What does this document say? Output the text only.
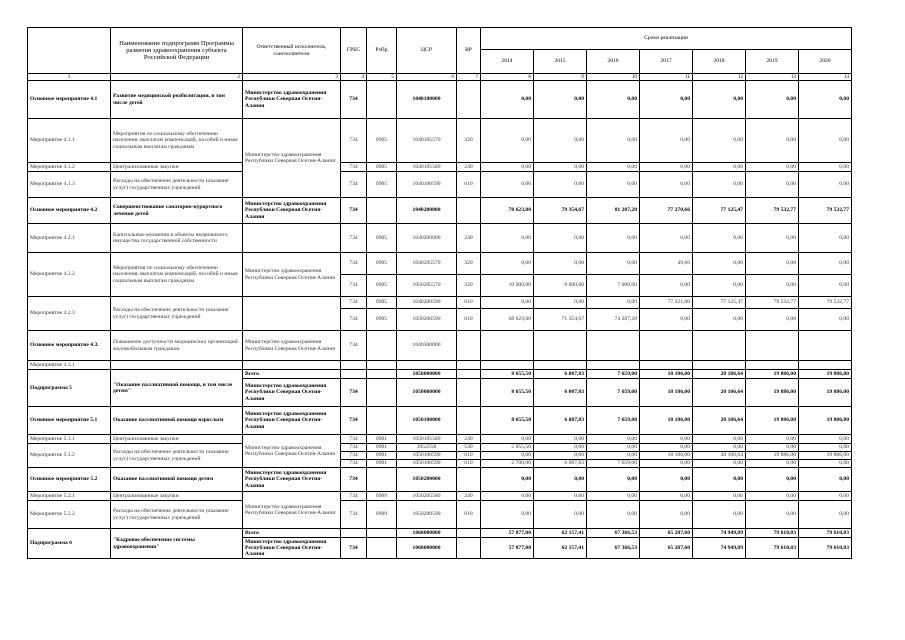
	Наименование подпрограмм Программы развития здравоохранения субъекта Российской Федерации	Ответственный исполнитель, соисполнители	ГРБС	РзПр	ЦСР	ВР	Сроки реализации						
							2014	2015	2016	2017	2018	2019	2020
1	2	3	4	5	6	7	8	9	10	11	12	13	14
Основное мероприятие 4.1	Развитие медицинской реабилитации, в том числе детей	Министерство здравоохранения Республики Северная Осетия-Алания	734		1040100000		0,00	0,00	0,00	0,00	0,00	0,00	0,00
Мероприятие 4.1.1	Мероприятия по социальному обеспечению населения, выплатам компенсаций, пособий и иным социальным выплатам гражданам	Министерство здравоохранения Республики Северная Осетия-Алания	734	0905	1040105570	320	0,00	0,00	0,00	0,00	0,00	0,00	0,00
Мероприятие 4.1.2	Централизованные закупки		734	0905	1040105580	240	0,00	0,00	0,00	0,00	0,00	0,00	0,00
Мероприятие 4.1.3	Расходы на обеспечение деятельности (оказание услуг) государственных учреждений		734	0905	1040100590	610	0,00	0,00	0,00	0,00	0,00	0,00	0,00
Основное мероприятие 4.2	Совершенствование санаторно-курортного лечения детей	Министерство здравоохранения Республики Северная Осетия-Алания	734		1040200000		78 623,00	79 354,67	81 287,28	77 270,66	77 125,47	79 532,77	79 532,77
Мероприятие 4.2.1	Капитальные вложения в объекты недвижимого имущества государственной собственности		734	0905	1040200000	240	0,00	0,00	0,00	0,00	0,00	0,00	0,00
Мероприятие 4.2.2	Мероприятия по социальному обеспечению населения, выплатам компенсаций, пособий и иным социальным выплатам гражданам	Министерство здравоохранения Республики Северная Осетия-Алания	734	0905	1040205570	320	0,00	0,00	0,00	49,66	0,00	0,00	0,00
			734	0905	1050205570	320	10 000,00	8 000,00	7 000,00	0,00	0,00	0,00	0,00
Мероприятие 4.2.3	Расходы на обеспечение деятельности (оказание услуг) государственных учреждений		734	0905	1040200590	610	0,00	0,00	0,00	77 221,00	77 125,47	79 532,77	79 532,77
			734	0905	1050200590	610	68 623,00	71 354,67	74 287,28	0,00	0,00	0,00	0,00
Основное мероприятие 4.3.	Повышение доступности медицинских организаций маломобильным гражданам	Министерство здравоохранения Республики Северная Осетия-Алания	734		1040300000								
Мероприятие 4.3.1													
Подпрограмма 5	"Оказание паллиативной помощи, в том числе детям"	Всего			1050000000		8 655,50	6 087,83	7 659,00	18 186,00	20 106,64	19 886,00	19 886,00
		Министерство здравоохранения Республики Северная Осетия-Алания	734		1050000000		8 655,50	6 087,83	7 659,00	18 186,00	20 106,64	19 886,00	19 886,00
Основное мероприятие 5.1	Оказание паллиативной помощи взрослым	Министерство здравоохранения Республики Северная Осетия-Алания	734		1050100000		8 655,50	6 087,83	7 659,00	18 186,00	20 106,64	19 886,00	19 886,00
Мероприятие 5.1.1	Централизованные закупки	Министерство здравоохранения Республики Северная Осетия-Алания	734	0901	1050105580	240	0,00	0,00	0,00	0,00	0,00	0,00	0,00
Мероприятие 5.1.2	Расходы на обеспечение деятельности (оказание услуг) государственных учреждений		734	0901	1052558	530	5 955,50	0,00	0,00	0,00	0,00	0,00	0,00
			734	0901	1050100590	610	0,00	0,00	0,00	18 186,00	20 106,64	19 886,00	19 886,00
			734	0901	1050100590	610	2 700,00	6 087,83	7 659,00	0,00	0,00	0,00	0,00
Основное мероприятие 5.2	Оказание паллиативной помощи детям	Министерство здравоохранения Республики Северная Осетия-Алания	734		1050200000		0,00	0,00	0,00	0,00	0,00	0,00	0,00
Мероприятие 5.2.1	Централизованные закупки	Министерство здравоохранения Республики Северная Осетия-Алания	734	0909	1050205580	240	0,00	0,00	0,00	0,00	0,00	0,00	0,00
Мероприятие 5.2.2	Расходы на обеспечение деятельности (оказание услуг) государственных учреждений		734	0909	1050200590	610	0,00	0,00	0,00	0,00	0,00	0,00	0,00
Подпрограмма 6	"Кадровое обеспечение системы здравоохранения"	Всего			1060000000		57 877,00	62 157,41	67 366,53	65 287,60	74 949,89	79 610,83	79 610,83
		Министерство здравоохранения Республики Северная Осетия-Алания	734		1060000000		57 877,00	62 157,41	67 366,53	65 287,60	74 949,89	79 610,83	79 610,83
